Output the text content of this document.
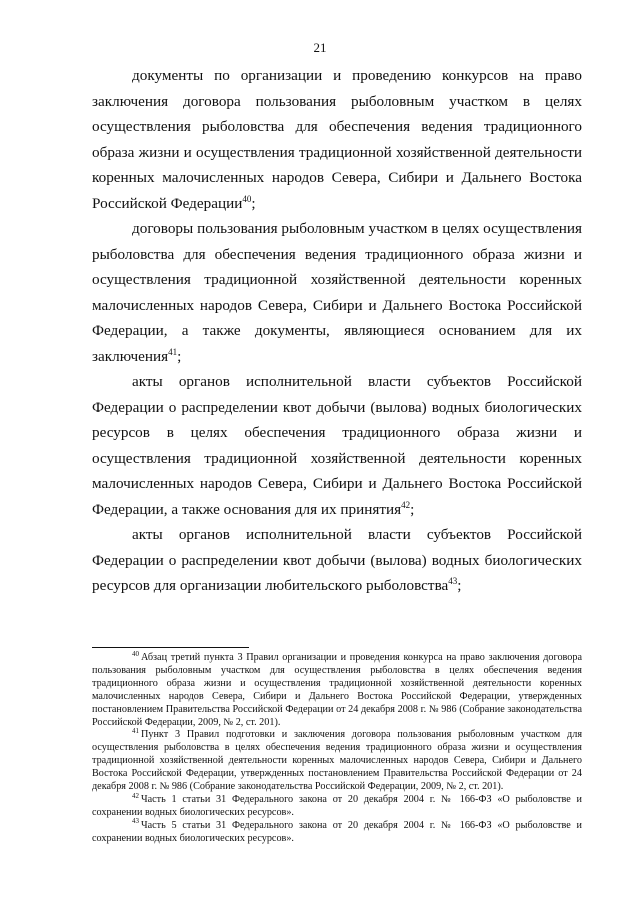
21

документы по организации и проведению конкурсов на право заключения договора пользования рыболовным участком в целях осуществления рыболовства для обеспечения ведения традиционного образа жизни и осуществления традиционной хозяйственной деятельности коренных малочисленных народов Севера, Сибири и Дальнего Востока Российской Федерации$^{40}$;

договоры пользования рыболовным участком в целях осуществления рыболовства для обеспечения ведения традиционного образа жизни и осуществления традиционной хозяйственной деятельности коренных малочисленных народов Севера, Сибири и Дальнего Востока Российской Федерации, а также документы, являющиеся основанием для их заключения$^{41}$;

акты органов исполнительной власти субъектов Российской Федерации о распределении квот добычи (вылова) водных биологических ресурсов в целях обеспечения традиционного образа жизни и осуществления традиционной хозяйственной деятельности коренных малочисленных народов Севера, Сибири и Дальнего Востока Российской Федерации, а также основания для их принятия$^{42}$;

акты органов исполнительной власти субъектов Российской Федерации о распределении квот добычи (вылова) водных биологических ресурсов для организации любительского рыболовства$^{43}$;

$^{40}$ Абзац третий пункта 3 Правил организации и проведения конкурса на право заключения договора пользования рыболовным участком для осуществления рыболовства в целях обеспечения ведения традиционного образа жизни и осуществления традиционной хозяйственной деятельности коренных малочисленных народов Севера, Сибири и Дальнего Востока Российской Федерации, утвержденных постановлением Правительства Российской Федерации от 24 декабря 2008 г. № 986 (Собрание законодательства Российской Федерации, 2009, № 2, ст. 201).

$^{41}$ Пункт 3 Правил подготовки и заключения договора пользования рыболовным участком для осуществления рыболовства в целях обеспечения ведения традиционного образа жизни и осуществления традиционной хозяйственной деятельности коренных малочисленных народов Севера, Сибири и Дальнего Востока Российской Федерации, утвержденных постановлением Правительства Российской Федерации от 24 декабря 2008 г. № 986 (Собрание законодательства Российской Федерации, 2009, № 2, ст. 201).

$^{42}$ Часть 1 статьи 31 Федерального закона от 20 декабря 2004 г. № 166-ФЗ «О рыболовстве и сохранении водных биологических ресурсов».

$^{43}$ Часть 5 статьи 31 Федерального закона от 20 декабря 2004 г. № 166-ФЗ «О рыболовстве и сохранении водных биологических ресурсов».
